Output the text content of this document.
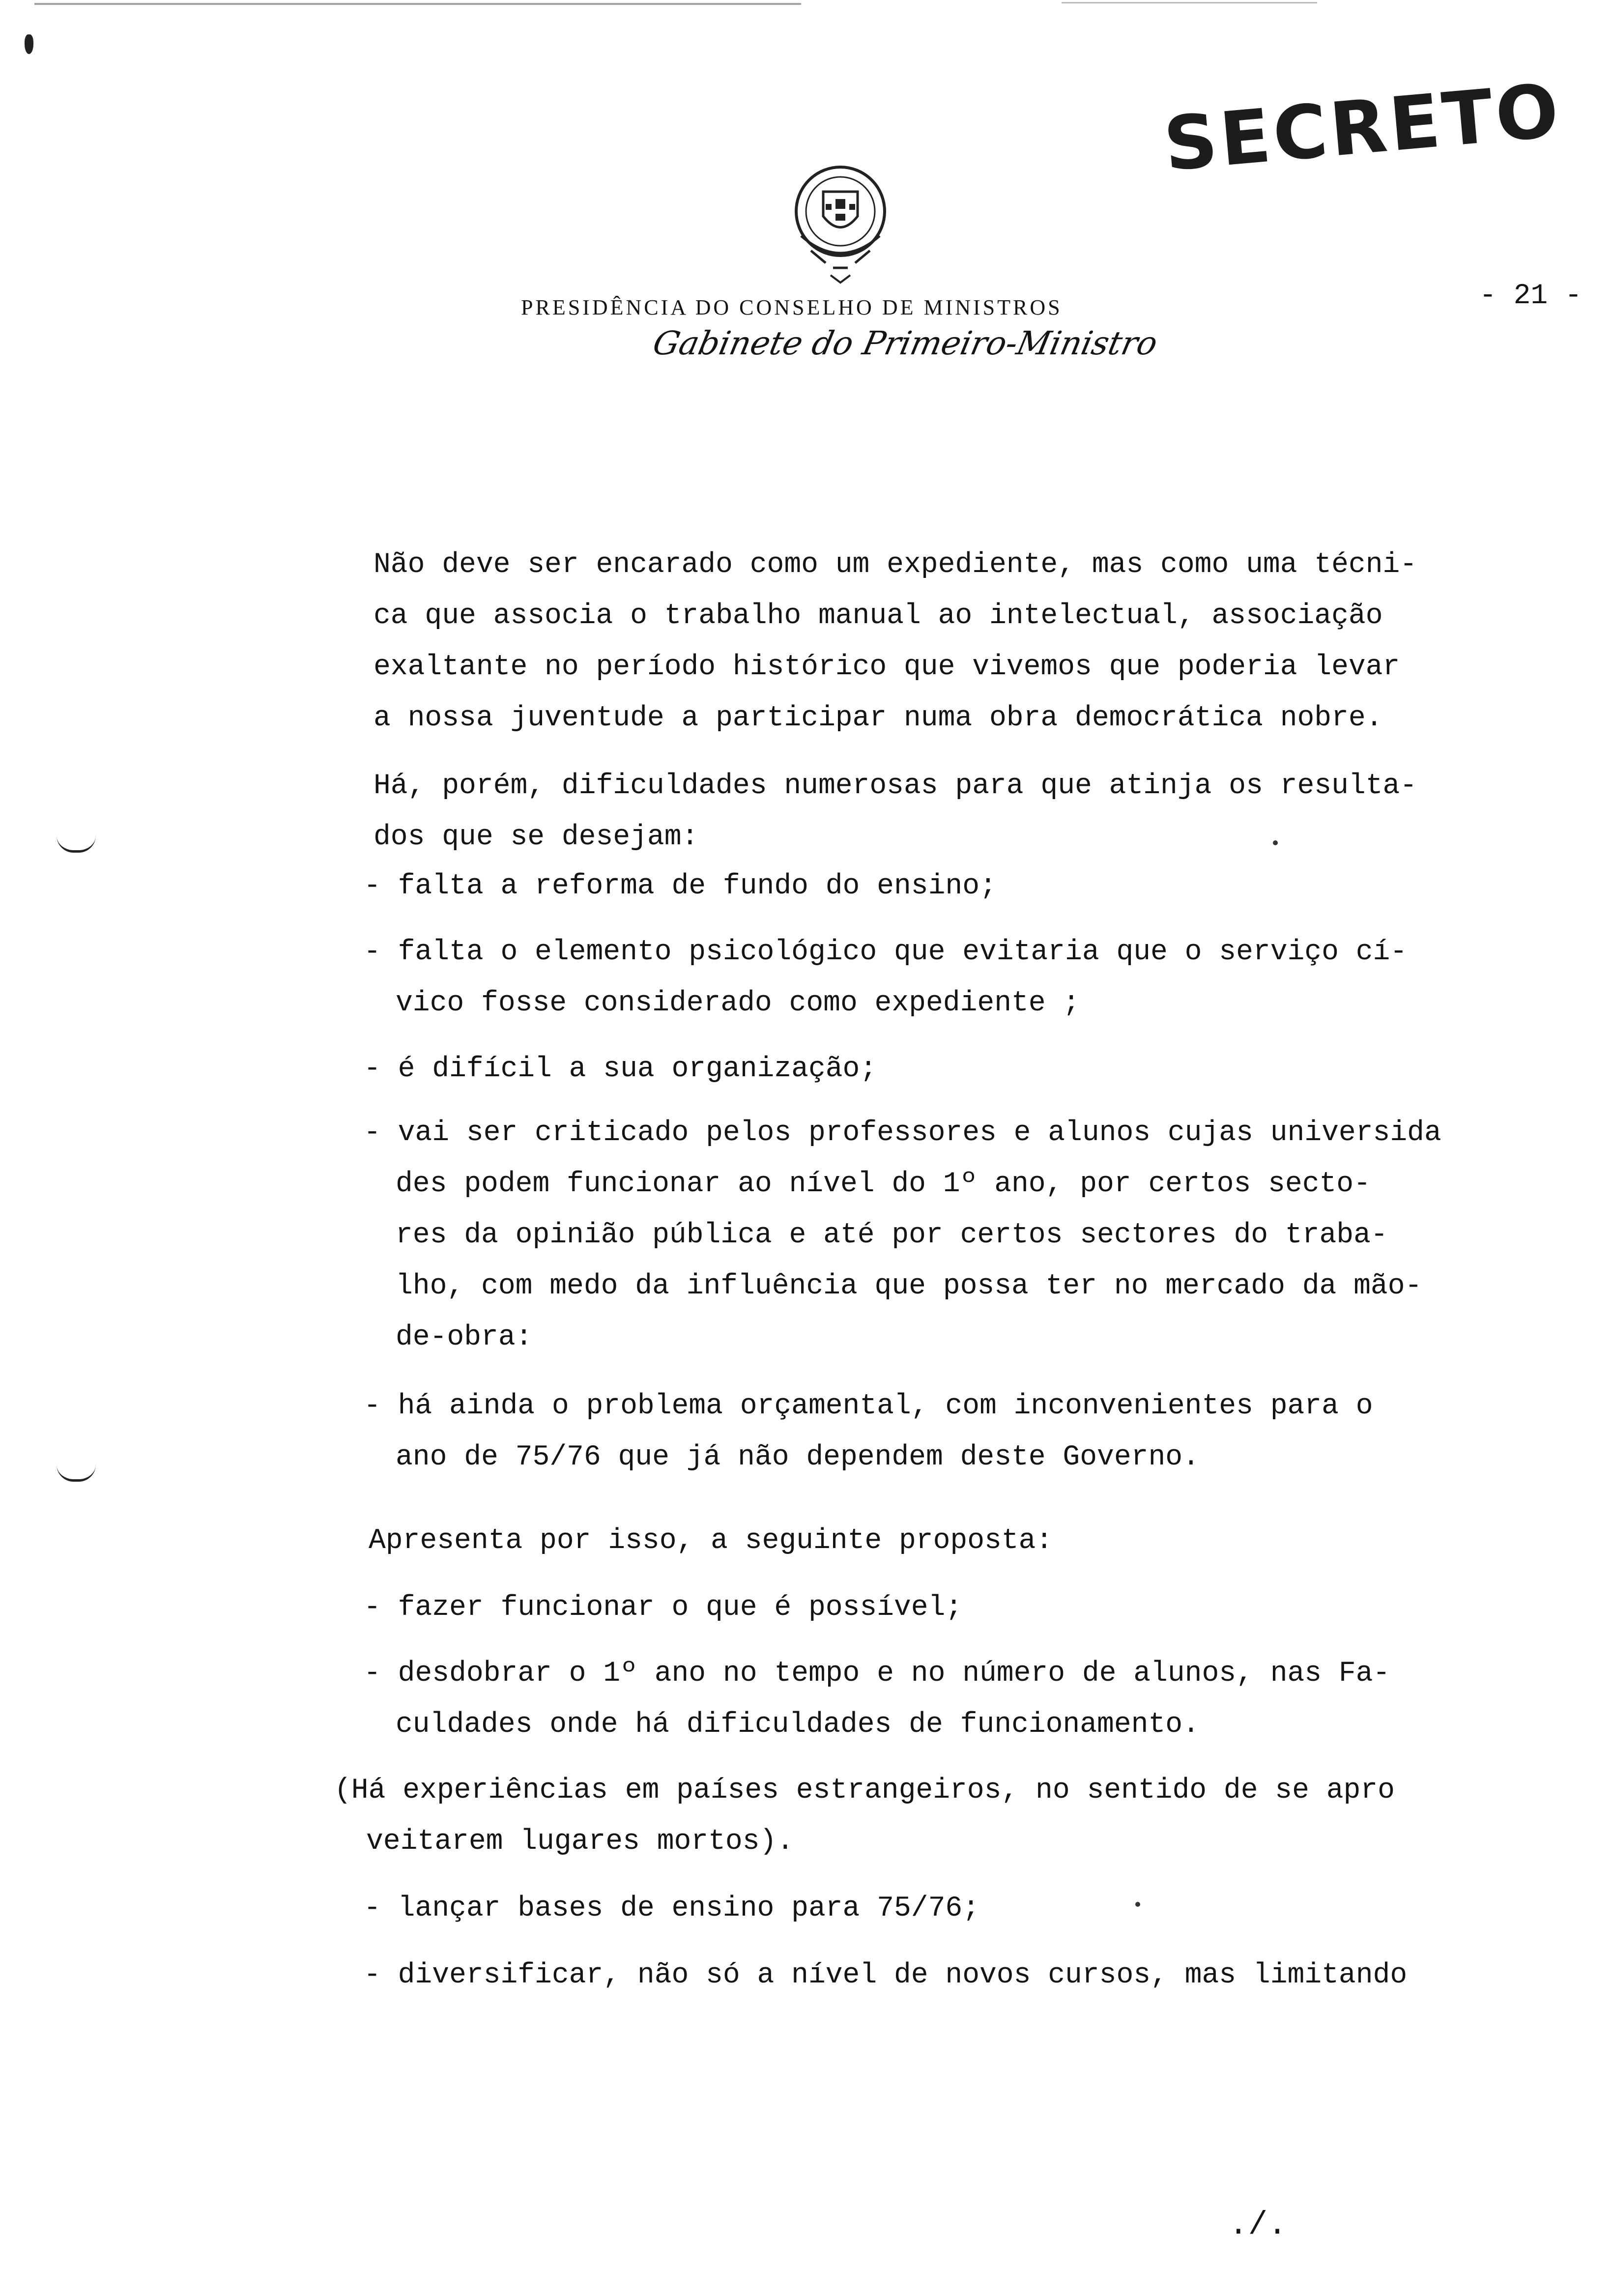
SECRETO
PRESIDÊNCIA DO CONSELHO DE MINISTROS
Gabinete do Primeiro-Ministro
- 21 -
Não deve ser encarado como um expediente, mas como uma técni-
ca que associa o trabalho manual ao intelectual, associação
exaltante no período histórico que vivemos que poderia levar
a nossa juventude a participar numa obra democrática nobre.
Há, porém, dificuldades numerosas para que atinja os resulta-
dos que se desejam:
- falta a reforma de fundo do ensino;
- falta o elemento psicológico que evitaria que o serviço cí-
vico fosse considerado como expediente ;
- é difícil a sua organização;
- vai ser criticado pelos professores e alunos cujas universida
des podem funcionar ao nível do 1º ano, por certos secto-
res da opinião pública e até por certos sectores do traba-
lho, com medo da influência que possa ter no mercado da mão-
de-obra:
- há ainda o problema orçamental, com inconvenientes para o
ano de 75/76 que já não dependem deste Governo.
Apresenta por isso, a seguinte proposta:
- fazer funcionar o que é possível;
- desdobrar o 1º ano no tempo e no número de alunos, nas Fa-
culdades onde há dificuldades de funcionamento.
(Há experiências em países estrangeiros, no sentido de se apro
veitarem lugares mortos).
- lançar bases de ensino para 75/76;
- diversificar, não só a nível de novos cursos, mas limitando
./.
